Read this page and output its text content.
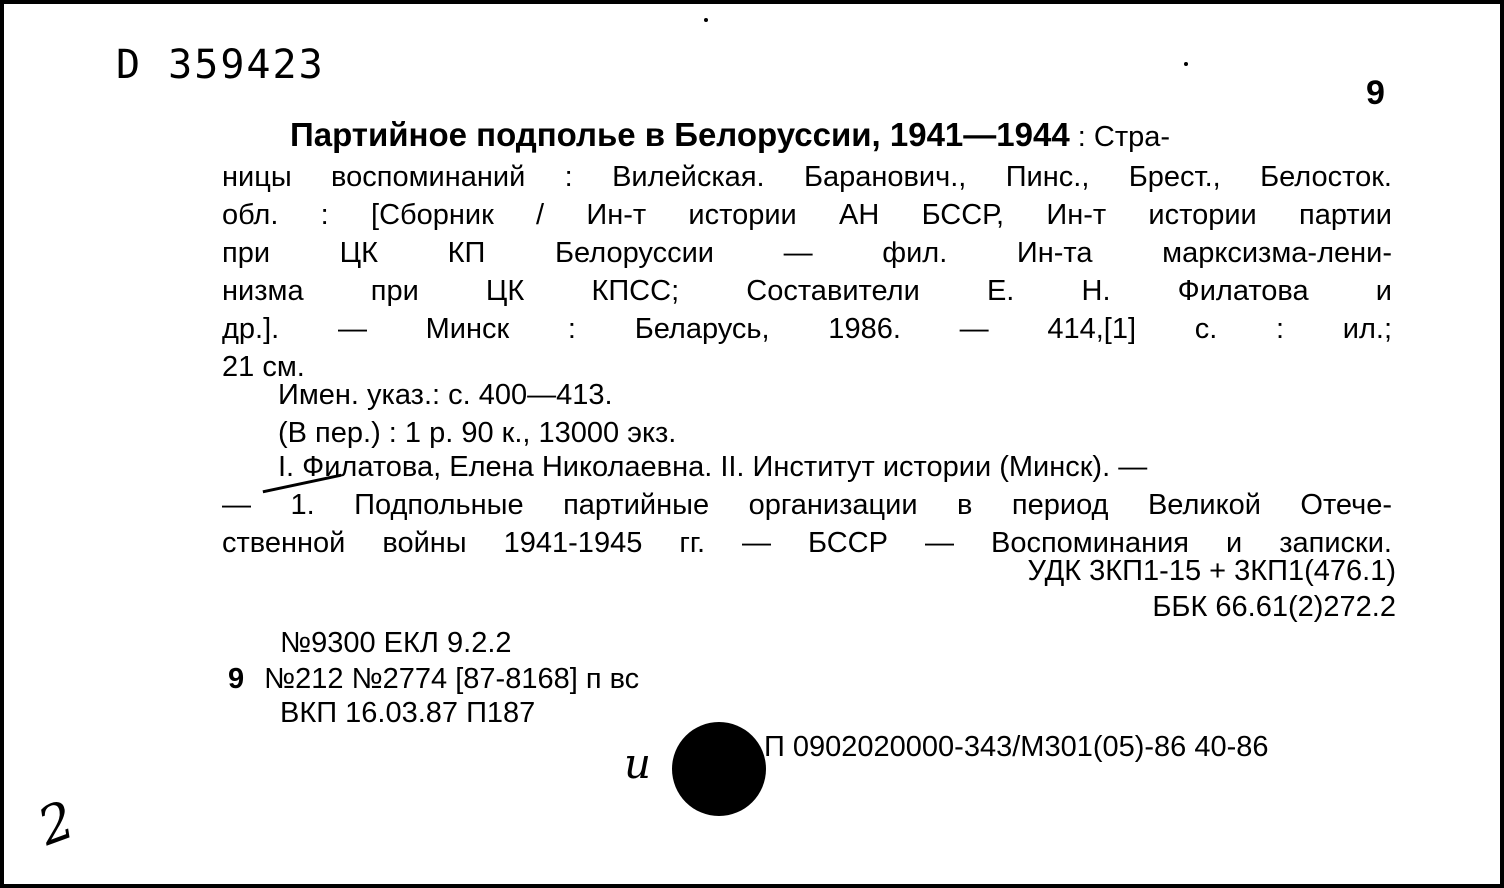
D 359423
9
Партийное подполье в Белоруссии, 1941—1944 : Стра-
ницы воспоминаний : Вилейская. Баранович., Пинс., Брест., Белосток.
обл. : [Сборник / Ин-т истории АН БССР, Ин-т истории партии
при ЦК КП Белоруссии — фил. Ин-та марксизма-лени-
низма при ЦК КПСС; Составители Е. Н. Филатова и
др.]. — Минск : Беларусь, 1986. — 414,[1] с. : ил.;
21 см.
Имен. указ.: с. 400—413.
(В пер.) : 1 р. 90 к., 13000 экз.
I. Филатова, Елена Николаевна. II. Институт истории (Минск). —
— 1. Подпольные партийные организации в период Великой Отече-
ственной войны 1941-1945 гг. — БССР — Воспоминания и записки.
УДК 3КП1-15 + 3КП1(476.1)
ББК 66.61(2)272.2
№9300 ЕКЛ 9.2.2
9 №212 №2774 [87-8168] п вс
ВКП 16.03.87 П187
П 0902020000-343/М301(05)-86 40-86
и
2
